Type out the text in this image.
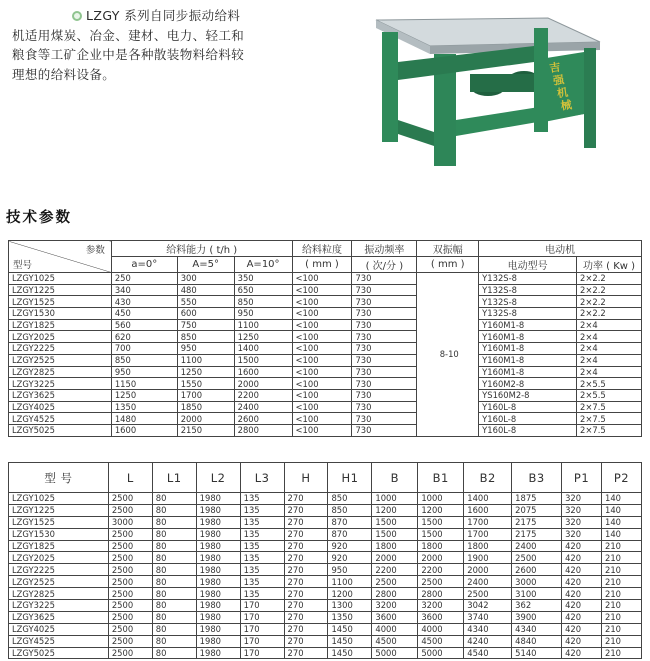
LZGY 系列自同步振动给料机适用煤炭、冶金、建材、电力、轻工和粮食等工矿企业中是各种散装物料给料较理想的给料设备。	吉强机械
技术参数
参数
型号	给料能力 ( t/h )			给料粒度	振动频率	双振幅	电动机	
	a=0°	A=5°	A=10°	( mm )	( 次/分 )	( mm )	电动型号	功率 ( Kw )
LZGY1025	250	300	350	<100	730	8-10	Y132S-8	2×2.2
LZGY1225	340	480	650	<100	730		Y132S-8	2×2.2
LZGY1525	430	550	850	<100	730		Y132S-8	2×2.2
LZGY1530	450	600	950	<100	730		Y132S-8	2×2.2
LZGY1825	560	750	1100	<100	730		Y160M1-8	2×4
LZGY2025	620	850	1250	<100	730		Y160M1-8	2×4
LZGY2225	700	950	1400	<100	730		Y160M1-8	2×4
LZGY2525	850	1100	1500	<100	730		Y160M1-8	2×4
LZGY2825	950	1250	1600	<100	730		Y160M1-8	2×4
LZGY3225	1150	1550	2000	<100	730		Y160M2-8	2×5.5
LZGY3625	1250	1700	2200	<100	730		YS160M2-8	2×5.5
LZGY4025	1350	1850	2400	<100	730		Y160L-8	2×7.5
LZGY4525	1480	2000	2600	<100	730		Y160L-8	2×7.5
LZGY5025	1600	2150	2800	<100	730		Y160L-8	2×7.5
型 号	L	L1	L2	L3	H	H1	B	B1	B2	B3	P1	P2
LZGY1025	2500	80	1980	135	270	850	1000	1000	1400	1875	320	140
LZGY1225	2500	80	1980	135	270	850	1200	1200	1600	2075	320	140
LZGY1525	3000	80	1980	135	270	870	1500	1500	1700	2175	320	140
LZGY1530	2500	80	1980	135	270	870	1500	1500	1700	2175	320	140
LZGY1825	2500	80	1980	135	270	920	1800	1800	1800	2400	420	210
LZGY2025	2500	80	1980	135	270	920	2000	2000	1900	2500	420	210
LZGY2225	2500	80	1980	135	270	950	2200	2200	2000	2600	420	210
LZGY2525	2500	80	1980	135	270	1100	2500	2500	2400	3000	420	210
LZGY2825	2500	80	1980	135	270	1200	2800	2800	2500	3100	420	210
LZGY3225	2500	80	1980	170	270	1300	3200	3200	3042	362	420	210
LZGY3625	2500	80	1980	170	270	1350	3600	3600	3740	3900	420	210
LZGY4025	2500	80	1980	170	270	1450	4000	4000	4340	4340	420	210
LZGY4525	2500	80	1980	170	270	1450	4500	4500	4240	4840	420	210
LZGY5025	2500	80	1980	170	270	1450	5000	5000	4540	5140	420	210
